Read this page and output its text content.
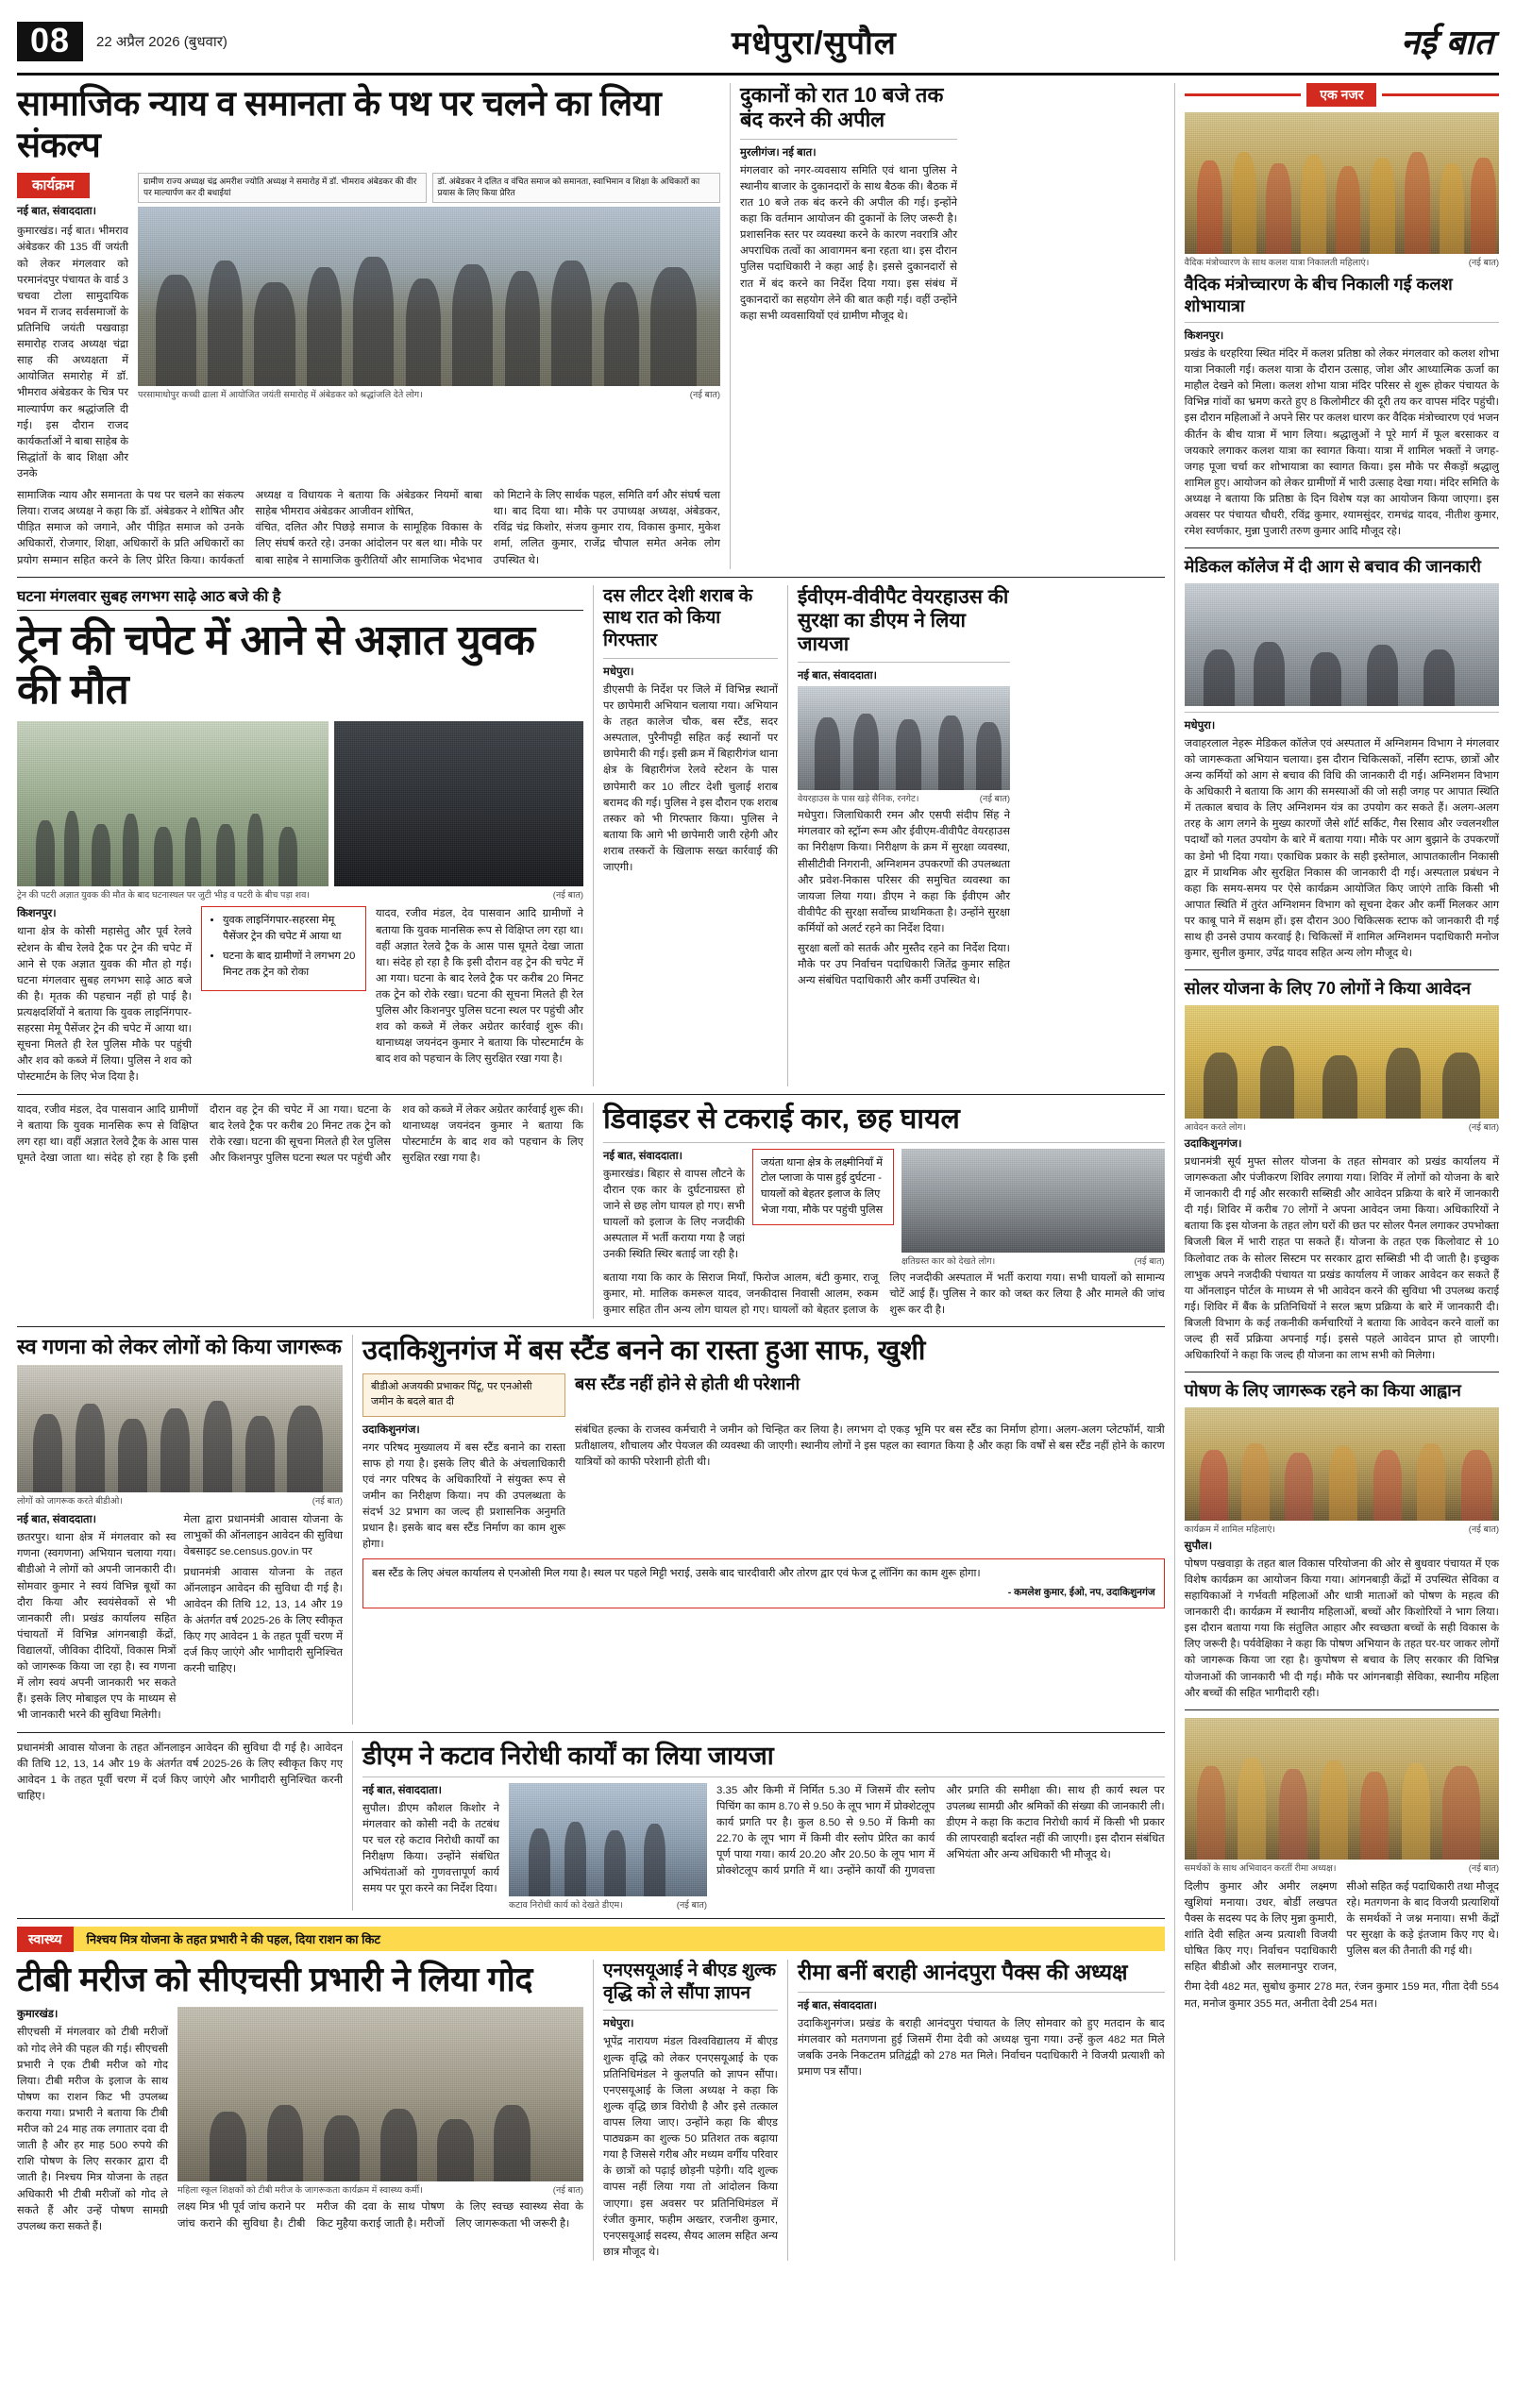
08	22 अप्रैल 2026 (बुधवार)	मधेपुरा/सुपौल	नई बात
सामाजिक न्याय व समानता के पथ पर चलने का लिया संकल्प
कार्यक्रम
नई बात, संवाददाता।
कुमारखंड। नई बात। भीमराव अंबेडकर की 135 वीं जयंती को लेकर मंगलवार को परमानंदपुर पंचायत के वार्ड 3 चचवा टोला सामुदायिक भवन में राजद सर्वसमाजों के प्रतिनिधि जयंती पखवाड़ा समारोह राजद अध्यक्ष चंद्रा साह की अध्यक्षता में आयोजित समारोह में डॉ. भीमराव अंबेडकर के चित्र पर माल्यार्पण कर श्रद्धांजलि दी गई। इस दौरान राजद कार्यकर्ताओं ने बाबा साहेब के सिद्धांतों के बाद शिक्षा और उनके
ग्रामीण राज्य अध्यक्ष चंद्र अमरीश ज्योति अध्यक्ष ने समारोह में डॉ. भीमराव अंबेडकर की वीर पर माल्यार्पण कर दी बधाईयां
डॉ. अंबेडकर ने दलित व वंचित समाज को समानता, स्वाभिमान व शिक्षा के अधिकारों का प्रयास के लिए किया प्रेरित
परसामाधोपुर कच्ची ढाला में आयोजित जयंती समारोह में अंबेडकर को श्रद्धांजलि देते लोग।	(नई बात)
सामाजिक न्याय और समानता के पथ पर चलने का संकल्प लिया। राजद अध्यक्ष ने कहा कि डॉ. अंबेडकर ने शोषित और पीड़ित समाज को जगाने, और पीड़ित समाज को उनके अधिकारों, रोजगार, शिक्षा, अधिकारों के प्रति अधिकारों का प्रयोग सम्मान सहित करने के लिए प्रेरित किया। कार्यकर्ता अध्यक्ष व विधायक ने बताया कि अंबेडकर नियमों बाबा साहेब भीमराव अंबेडकर आजीवन शोषित,
वंचित, दलित और पिछड़े समाज के सामूहिक विकास के लिए संघर्ष करते रहे। उनका आंदोलन पर बल था। मौके पर बाबा साहेब ने सामाजिक कुरीतियों और सामाजिक भेदभाव को मिटाने के लिए सार्थक पहल, समिति वर्ग और संघर्ष चला था। बाद दिया था। मौके पर उपाध्यक्ष अध्यक्ष, अंबेडकर, रविंद्र चंद्र किशोर, संजय कुमार राय, विकास कुमार, मुकेश शर्मा, ललित कुमार, राजेंद्र चौपाल समेत अनेक लोग उपस्थित थे।
दुकानों को रात 10 बजे तक बंद करने की अपील
मुरलीगंज। नई बात।
मंगलवार को नगर-व्यवसाय समिति एवं थाना पुलिस ने स्थानीय बाजार के दुकानदारों के साथ बैठक की। बैठक में रात 10 बजे तक बंद करने की अपील की गई। इन्होंने कहा कि वर्तमान आयोजन की दुकानों के लिए जरूरी है। प्रशासनिक स्तर पर व्यवस्था करने के कारण नवरात्रि और अपराधिक तत्वों का आवागमन बना रहता था। इस दौरान पुलिस पदाधिकारी ने कहा आई है। इससे दुकानदारों से रात में बंद करने का निर्देश दिया गया। इस संबंध में दुकानदारों का सहयोग लेने की बात कही गई। वहीं उन्होंने कहा सभी व्यवसायियों एवं ग्रामीण मौजूद थे।
घटना मंगलवार सुबह लगभग साढ़े आठ बजे की है
ट्रेन की चपेट में आने से अज्ञात युवक की मौत
ट्रेन की पटरी अज्ञात युवक की मौत के बाद घटनास्थल पर जुटी भीड़ व पटरी के बीच पड़ा शव।	(नई बात)
किशनपुर।
थाना क्षेत्र के कोसी महासेतु और पूर्व रेलवे स्टेशन के बीच रेलवे ट्रैक पर ट्रेन की चपेट में आने से एक अज्ञात युवक की मौत हो गई। घटना मंगलवार सुबह लगभग साढ़े आठ बजे की है। मृतक की पहचान नहीं हो पाई है। प्रत्यक्षदर्शियों ने बताया कि युवक लाइनिंगपार-सहरसा मेमू पैसेंजर ट्रेन की चपेट में आया था। सूचना मिलते ही रेल पुलिस मौके पर पहुंची और शव को कब्जे में लिया। पुलिस ने शव को पोस्टमार्टम के लिए भेज दिया है।
• युवक लाइनिंगपार-सहरसा मेमू पैसेंजर ट्रेन की चपेट में आया था
• घटना के बाद ग्रामीणों ने लगभग 20 मिनट तक ट्रेन को रोका
यादव, रजीव मंडल, देव पासवान आदि ग्रामीणों ने बताया कि युवक मानसिक रूप से विक्षिप्त लग रहा था। वहीं अज्ञात रेलवे ट्रैक के आस पास घूमते देखा जाता था। संदेह हो रहा है कि इसी दौरान वह ट्रेन की चपेट में आ गया। घटना के बाद रेलवे ट्रैक पर करीब 20 मिनट तक ट्रेन को रोके रखा। घटना की सूचना मिलते ही रेल पुलिस और किशनपुर पुलिस घटना स्थल पर पहुंची और शव को कब्जे में लेकर अग्रेतर कार्रवाई शुरू की। थानाध्यक्ष जयनंदन कुमार ने बताया कि पोस्टमार्टम के बाद शव को पहचान के लिए सुरक्षित रखा गया है।
दस लीटर देशी शराब के साथ रात को किया गिरफ्तार
मधेपुरा।
डीएसपी के निर्देश पर जिले में विभिन्न स्थानों पर छापेमारी अभियान चलाया गया। अभियान के तहत कालेज चौक, बस स्टैंड, सदर अस्पताल, पुरैनीपट्टी सहित कई स्थानों पर छापेमारी की गई। इसी क्रम में बिहारीगंज थाना क्षेत्र के बिहारीगंज रेलवे स्टेशन के पास छापेमारी कर 10 लीटर देशी चुलाई शराब बरामद की गई। पुलिस ने इस दौरान एक शराब तस्कर को भी गिरफ्तार किया। पुलिस ने बताया कि आगे भी छापेमारी जारी रहेगी और शराब तस्करों के खिलाफ सख्त कार्रवाई की जाएगी।
ईवीएम-वीवीपैट वेयरहाउस की सुरक्षा का डीएम ने लिया जायजा
नई बात, संवाददाता।
वेयरहाउस के पास खड़े सैनिक, रनगेट।	(नई बात)
मधेपुरा। जिलाधिकारी रमन और एसपी संदीप सिंह ने मंगलवार को स्ट्रॉन्ग रूम और ईवीएम-वीवीपैट वेयरहाउस का निरीक्षण किया। निरीक्षण के क्रम में सुरक्षा व्यवस्था, सीसीटीवी निगरानी, अग्निशमन उपकरणों की उपलब्धता और प्रवेश-निकास परिसर की समुचित व्यवस्था का जायजा लिया गया। डीएम ने कहा कि ईवीएम और वीवीपैट की सुरक्षा सर्वोच्च प्राथमिकता है। उन्होंने सुरक्षा कर्मियों को अलर्ट रहने का निर्देश दिया।
सुरक्षा बलों को सतर्क और मुस्तैद रहने का निर्देश दिया। मौके पर उप निर्वाचन पदाधिकारी जितेंद्र कुमार सहित अन्य संबंधित पदाधिकारी और कर्मी उपस्थित थे।
यादव, रजीव मंडल, देव पासवान आदि ग्रामीणों ने बताया कि युवक मानसिक रूप से विक्षिप्त लग रहा था। वहीं अज्ञात रेलवे ट्रैक के आस पास घूमते देखा जाता था। संदेह हो रहा है कि इसी दौरान वह ट्रेन की चपेट में आ गया। घटना के बाद रेलवे ट्रैक पर करीब 20 मिनट तक ट्रेन को रोके रखा। घटना की सूचना मिलते ही रेल पुलिस और किशनपुर पुलिस घटना स्थल पर पहुंची और शव को कब्जे में लेकर अग्रेतर कार्रवाई शुरू की। थानाध्यक्ष जयनंदन कुमार ने बताया कि पोस्टमार्टम के बाद शव को पहचान के लिए सुरक्षित रखा गया है।
डिवाइडर से टकराई कार, छह घायल
नई बात, संवाददाता।
कुमारखंड। बिहार से वापस लौटने के दौरान एक कार के दुर्घटनाग्रस्त हो जाने से छह लोग घायल हो गए। सभी घायलों को इलाज के लिए नजदीकी अस्पताल में भर्ती कराया गया है जहां उनकी स्थिति स्थिर बताई जा रही है।
जयंता थाना क्षेत्र के लक्ष्मीनियाँ में टोल प्लाजा के पास हुई दुर्घटना - घायलों को बेहतर इलाज के लिए भेजा गया, मौके पर पहुंची पुलिस
क्षतिग्रस्त कार को देखते लोग।	(नई बात)
बताया गया कि कार के सिराज मियाँ, फिरोज आलम, बंटी कुमार, राजू कुमार, मो. मालिक कमरूल यादव, जनकीदास निवासी आलम, रुकम कुमार सहित तीन अन्य लोग घायल हो गए। घायलों को बेहतर इलाज के लिए नजदीकी अस्पताल में भर्ती कराया गया। सभी घायलों को सामान्य चोटें आई हैं। पुलिस ने कार को जब्त कर लिया है और मामले की जांच शुरू कर दी है।
स्व गणना को लेकर लोगों को किया जागरूक
लोगों को जागरूक करते बीडीओ।	(नई बात)
नई बात, संवाददाता।
छतरपुर। थाना क्षेत्र में मंगलवार को स्व गणना (स्वगणना) अभियान चलाया गया। बीडीओ ने लोगों को अपनी जानकारी दी। सोमवार कुमार ने स्वयं विभिन्न बूथों का दौरा किया और स्वयंसेवकों से भी जानकारी ली। प्रखंड कार्यालय सहित पंचायतों में विभिन्न आंगनबाड़ी केंद्रों, विद्यालयों, जीविका दीदियों, विकास मित्रों को जागरूक किया जा रहा है। स्व गणना में लोग स्वयं अपनी जानकारी भर सकते हैं। इसके लिए मोबाइल एप के माध्यम से भी जानकारी भरने की सुविधा मिलेगी।
मेला द्वारा प्रधानमंत्री आवास योजना के लाभुकों की ऑनलाइन आवेदन की सुविधा वेबसाइट se.census.gov.in पर
प्रधानमंत्री आवास योजना के तहत ऑनलाइन आवेदन की सुविधा दी गई है। आवेदन की तिथि 12, 13, 14 और 19 के अंतर्गत वर्ष 2025-26 के लिए स्वीकृत किए गए आवेदन 1 के तहत पूर्वी चरण में दर्ज किए जाएंगे और भागीदारी सुनिश्चित करनी चाहिए।
उदाकिशुनगंज में बस स्टैंड बनने का रास्ता हुआ साफ, खुशी
बीडीओ अजयकी प्रभाकर पिंटू, पर एनओसी जमीन के बदले बात दी
बस स्टैंड नहीं होने से होती थी परेशानी
उदाकिशुनगंज।
नगर परिषद मुख्यालय में बस स्टैंड बनाने का रास्ता साफ हो गया है। इसके लिए बीते के अंचलाधिकारी एवं नगर परिषद के अधिकारियों ने संयुक्त रूप से जमीन का निरीक्षण किया। नप की उपलब्धता के संदर्भ 32 प्रभाग का जल्द ही प्रशासनिक अनुमति प्रधान है। इसके बाद बस स्टैंड निर्माण का काम शुरू होगा।
संबंधित हल्का के राजस्व कर्मचारी ने जमीन को चिन्हित कर लिया है। लगभग दो एकड़ भूमि पर बस स्टैंड का निर्माण होगा। अलग-अलग प्लेटफॉर्म, यात्री प्रतीक्षालय, शौचालय और पेयजल की व्यवस्था की जाएगी। स्थानीय लोगों ने इस पहल का स्वागत किया है और कहा कि वर्षों से बस स्टैंड नहीं होने के कारण यात्रियों को काफी परेशानी होती थी।
बस स्टैंड के लिए अंचल कार्यालय से एनओसी मिल गया है। स्थल पर पहले मिट्टी भराई, उसके बाद चारदीवारी और तोरण द्वार एवं फेज टू लॉनिंग का काम शुरू होगा।
- कमलेश कुमार, ईओ, नप, उदाकिशुनगंज
प्रधानमंत्री आवास योजना के तहत ऑनलाइन आवेदन की सुविधा दी गई है। आवेदन की तिथि 12, 13, 14 और 19 के अंतर्गत वर्ष 2025-26 के लिए स्वीकृत किए गए आवेदन 1 के तहत पूर्वी चरण में दर्ज किए जाएंगे और भागीदारी सुनिश्चित करनी चाहिए।
डीएम ने कटाव निरोधी कार्यों का लिया जायजा
नई बात, संवाददाता।
सुपौल। डीएम कौशल किशोर ने मंगलवार को कोसी नदी के तटबंध पर चल रहे कटाव निरोधी कार्यों का निरीक्षण किया। उन्होंने संबंधित अभियंताओं को गुणवत्तापूर्ण कार्य समय पर पूरा करने का निर्देश दिया।
कटाव निरोधी कार्य को देखते डीएम।	(नई बात)
3.35 और किमी में निर्मित 5.30 में जिसमें वीर स्लोप पिचिंग का काम 8.70 से 9.50 के लूप भाग में प्रोक्शेटलूप कार्य प्रगति पर है। कुल 8.50 से 9.50 में किमी का 22.70 के लूप भाग में किमी वीर स्लोप प्रेरित का कार्य पूर्ण पाया गया। कार्य 20.20 और 20.50 के लूप भाग में प्रोक्शेटलूप कार्य प्रगति में था। उन्होंने कार्यों की गुणवत्ता और प्रगति की समीक्षा की। साथ ही कार्य स्थल पर उपलब्ध सामग्री और श्रमिकों की संख्या की जानकारी ली। डीएम ने कहा कि कटाव निरोधी कार्य में किसी भी प्रकार की लापरवाही बर्दाश्त नहीं की जाएगी। इस दौरान संबंधित अभियंता और अन्य अधिकारी भी मौजूद थे।
स्वास्थ्य	निश्चय मित्र योजना के तहत प्रभारी ने की पहल, दिया राशन का किट
टीबी मरीज को सीएचसी प्रभारी ने लिया गोद
कुमारखंड।
सीएचसी में मंगलवार को टीबी मरीजों को गोद लेने की पहल की गई। सीएचसी प्रभारी ने एक टीबी मरीज को गोद लिया। टीबी मरीज के इलाज के साथ पोषण का राशन किट भी उपलब्ध कराया गया। प्रभारी ने बताया कि टीबी मरीज को 24 माह तक लगातार दवा दी जाती है और हर माह 500 रुपये की राशि पोषण के लिए सरकार द्वारा दी जाती है। निश्चय मित्र योजना के तहत अधिकारी भी टीबी मरीजों को गोद ले सकते हैं और उन्हें पोषण सामग्री उपलब्ध करा सकते हैं।
महिला स्कूल शिक्षकों को टीबी मरीज के जागरूकता कार्यक्रम में स्वास्थ्य कर्मी।	(नई बात)
लक्ष्य मित्र भी पूर्व जांच कराने पर जांच कराने की सुविधा है। टीबी मरीज की दवा के साथ पोषण किट मुहैया कराई जाती है। मरीजों के लिए स्वच्छ स्वास्थ्य सेवा के लिए जागरूकता भी जरूरी है।
एनएसयूआई ने बीएड शुल्क वृद्धि को ले सौंपा ज्ञापन
मधेपुरा।
भूपेंद्र नारायण मंडल विश्वविद्यालय में बीएड शुल्क वृद्धि को लेकर एनएसयूआई के एक प्रतिनिधिमंडल ने कुलपति को ज्ञापन सौंपा। एनएसयूआई के जिला अध्यक्ष ने कहा कि शुल्क वृद्धि छात्र विरोधी है और इसे तत्काल वापस लिया जाए। उन्होंने कहा कि बीएड पाठ्यक्रम का शुल्क 50 प्रतिशत तक बढ़ाया गया है जिससे गरीब और मध्यम वर्गीय परिवार के छात्रों को पढ़ाई छोड़नी पड़ेगी। यदि शुल्क वापस नहीं लिया गया तो आंदोलन किया जाएगा। इस अवसर पर प्रतिनिधिमंडल में रंजीत कुमार, फहीम अख्तर, रजनीश कुमार, एनएसयूआई सदस्य, सैयद आलम सहित अन्य छात्र मौजूद थे।
रीमा बनीं बराही आनंदपुरा पैक्स की अध्यक्ष
नई बात, संवाददाता।
उदाकिशुनगंज। प्रखंड के बराही आनंदपुरा पंचायत के लिए सोमवार को हुए मतदान के बाद मंगलवार को मतगणना हुई जिसमें रीमा देवी को अध्यक्ष चुना गया। उन्हें कुल 482 मत मिले जबकि उनके निकटतम प्रतिद्वंद्वी को 278 मत मिले। निर्वाचन पदाधिकारी ने विजयी प्रत्याशी को प्रमाण पत्र सौंपा।
एक नजर
वैदिक मंत्रोच्चारण के साथ कलश यात्रा निकालती महिलाएं।	(नई बात)
वैदिक मंत्रोच्चारण के बीच निकाली गई कलश शोभायात्रा
किशनपुर।
प्रखंड के धरहरिया स्थित मंदिर में कलश प्रतिष्ठा को लेकर मंगलवार को कलश शोभा यात्रा निकाली गई। कलश यात्रा के दौरान उत्साह, जोश और आध्यात्मिक ऊर्जा का माहौल देखने को मिला। कलश शोभा यात्रा मंदिर परिसर से शुरू होकर पंचायत के विभिन्न गांवों का भ्रमण करते हुए 8 किलोमीटर की दूरी तय कर वापस मंदिर पहुंची। इस दौरान महिलाओं ने अपने सिर पर कलश धारण कर वैदिक मंत्रोच्चारण एवं भजन कीर्तन के बीच यात्रा में भाग लिया। श्रद्धालुओं ने पूरे मार्ग में फूल बरसाकर व जयकारे लगाकर कलश यात्रा का स्वागत किया। यात्रा में शामिल भक्तों ने जगह-जगह पूजा चर्चा कर शोभायात्रा का स्वागत किया। इस मौके पर सैकड़ों श्रद्धालु शामिल हुए। आयोजन को लेकर ग्रामीणों में भारी उत्साह देखा गया। मंदिर समिति के अध्यक्ष ने बताया कि प्रतिष्ठा के दिन विशेष यज्ञ का आयोजन किया जाएगा। इस अवसर पर पंचायत चौधरी, रविंद्र कुमार, श्यामसुंदर, रामचंद्र यादव, नीतीश कुमार, रमेश स्वर्णकार, मुन्ना पुजारी तरुण कुमार आदि मौजूद रहे।
मेडिकल कॉलेज में दी आग से बचाव की जानकारी
मधेपुरा।
जवाहरलाल नेहरू मेडिकल कॉलेज एवं अस्पताल में अग्निशमन विभाग ने मंगलवार को जागरूकता अभियान चलाया। इस दौरान चिकित्सकों, नर्सिंग स्टाफ, छात्रों और अन्य कर्मियों को आग से बचाव की विधि की जानकारी दी गई। अग्निशमन विभाग के अधिकारी ने बताया कि आग की समस्याओं की जो सही जगह पर आपात स्थिति में तत्काल बचाव के लिए अग्निशमन यंत्र का उपयोग कर सकते हैं। अलग-अलग तरह के आग लगने के मुख्य कारणों जैसे शॉर्ट सर्किट, गैस रिसाव और ज्वलनशील पदार्थों को गलत उपयोग के बारे में बताया गया। मौके पर आग बुझाने के उपकरणों का डेमो भी दिया गया। एकाधिक प्रकार के सही इस्तेमाल, आपातकालीन निकासी द्वार में प्राथमिक और सुरक्षित निकास की जानकारी दी गई। अस्पताल प्रबंधन ने कहा कि समय-समय पर ऐसे कार्यक्रम आयोजित किए जाएंगे ताकि किसी भी आपात स्थिति में तुरंत अग्निशमन विभाग को सूचना देकर और कर्मी मिलकर आग पर काबू पाने में सक्षम हों। इस दौरान 300 चिकित्सक स्टाफ को जानकारी दी गई साथ ही उनसे उपाय करवाई है। चिकित्सों में शामिल अग्निशमन पदाधिकारी मनोज कुमार, सुनील कुमार, उपेंद्र यादव सहित अन्य लोग मौजूद थे।
सोलर योजना के लिए 70 लोगों ने किया आवेदन
आवेदन करते लोग।	(नई बात)
उदाकिशुनगंज।
प्रधानमंत्री सूर्य मुफ्त सोलर योजना के तहत सोमवार को प्रखंड कार्यालय में जागरूकता और पंजीकरण शिविर लगाया गया। शिविर में लोगों को योजना के बारे में जानकारी दी गई और सरकारी सब्सिडी और आवेदन प्रक्रिया के बारे में जानकारी दी गई। शिविर में करीब 70 लोगों ने अपना आवेदन जमा किया। अधिकारियों ने बताया कि इस योजना के तहत लोग घरों की छत पर सोलर पैनल लगाकर उपभोक्ता बिजली बिल में भारी राहत पा सकते हैं। योजना के तहत एक किलोवाट से 10 किलोवाट तक के सोलर सिस्टम पर सरकार द्वारा सब्सिडी भी दी जाती है। इच्छुक लाभुक अपने नजदीकी पंचायत या प्रखंड कार्यालय में जाकर आवेदन कर सकते हैं या ऑनलाइन पोर्टल के माध्यम से भी आवेदन करने की सुविधा भी उपलब्ध कराई गई। शिविर में बैंक के प्रतिनिधियों ने सरल ऋण प्रक्रिया के बारे में जानकारी दी। बिजली विभाग के कई तकनीकी कर्मचारियों ने बताया कि आवेदन करने वालों का जल्द ही सर्वे प्रक्रिया अपनाई गई। इससे पहले आवेदन प्राप्त हो जाएगी। अधिकारियों ने कहा कि जल्द ही योजना का लाभ सभी को मिलेगा।
पोषण के लिए जागरूक रहने का किया आह्वान
कार्यक्रम में शामिल महिलाएं।	(नई बात)
सुपौल।
पोषण पखवाड़ा के तहत बाल विकास परियोजना की ओर से बुधवार पंचायत में एक विशेष कार्यक्रम का आयोजन किया गया। आंगनबाड़ी केंद्रों में उपस्थित सेविका व सहायिकाओं ने गर्भवती महिलाओं और धात्री माताओं को पोषण के महत्व की जानकारी दी। कार्यक्रम में स्थानीय महिलाओं, बच्चों और किशोरियों ने भाग लिया। इस दौरान बताया गया कि संतुलित आहार और स्वच्छता बच्चों के सही विकास के लिए जरूरी है। पर्यवेक्षिका ने कहा कि पोषण अभियान के तहत घर-घर जाकर लोगों को जागरूक किया जा रहा है। कुपोषण से बचाव के लिए सरकार की विभिन्न योजनाओं की जानकारी भी दी गई। मौके पर आंगनबाड़ी सेविका, स्थानीय महिला और बच्चों की सहित भागीदारी रही।
समर्थकों के साथ अभिवादन करतीं रीमा अध्यक्ष।	(नई बात)
दिलीप कुमार और अमीर लक्ष्मण खुशियां मनाया। उधर, बोर्डी लखपत पैक्स के सदस्य पद के लिए मुन्ना कुमारी, शांति देवी सहित अन्य प्रत्याशी विजयी घोषित किए गए। निर्वाचन पदाधिकारी सहित बीडीओ और सलमानपुर राजन, सीओ सहित कई पदाधिकारी तथा मौजूद रहे। मतगणना के बाद विजयी प्रत्याशियों के समर्थकों ने जश्न मनाया। सभी केंद्रों पर सुरक्षा के कड़े इंतजाम किए गए थे। पुलिस बल की तैनाती की गई थी।
रीमा देवी 482 मत, सुबोध कुमार 278 मत, रंजन कुमार 159 मत, गीता देवी 554 मत, मनोज कुमार 355 मत, अनीता देवी 254 मत।
